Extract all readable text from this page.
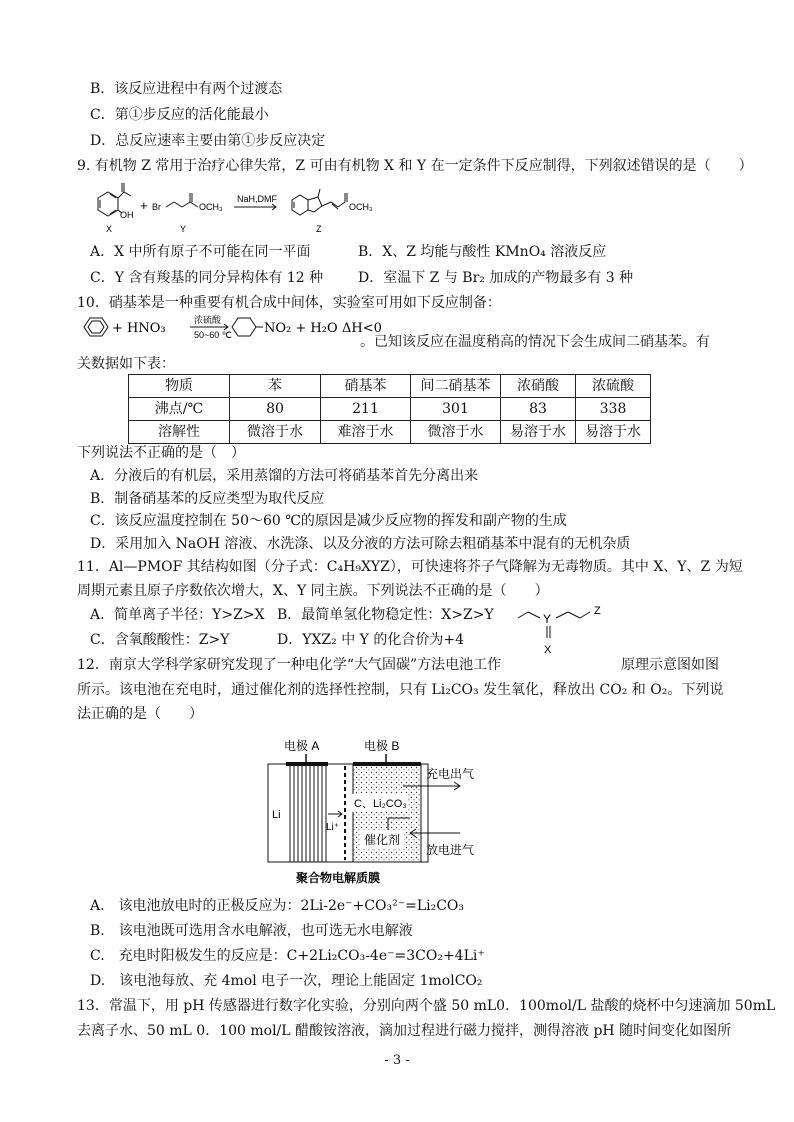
B．该反应进程中有两个过渡态
C．第①步反应的活化能最小
D．总反应速率主要由第①步反应决定
9. 有机物 Z 常用于治疗心律失常，Z 可由有机物 X 和 Y 在一定条件下反应制得，下列叙述错误的是（　　）
OH
+ Br	OCH₃
NaH,DMF
OCH₃
X	Y	Z
A．X 中所有原子不可能在同一平面	B．X、Z 均能与酸性 KMnO₄ 溶液反应
C．Y 含有羧基的同分异构体有 12 种 D．室温下 Z 与 Br₂ 加成的产物最多有 3 种
10．硝基苯是一种重要有机合成中间体，实验室可用如下反应制备：
+ HNO₃
浓硫酸
50~60 ℃ NO₂ + H₂O ΔH<0
。已知该反应在温度稍高的情况下会生成间二硝基苯。有
关数据如下表：
物质	苯	硝基苯	间二硝基苯	浓硝酸	浓硫酸
沸点/℃	80	211	301	83	338
溶解性	微溶于水	难溶于水	微溶于水	易溶于水	易溶于水
下列说法不正确的是（　）
A．分液后的有机层，采用蒸馏的方法可将硝基苯首先分离出来
B．制备硝基苯的反应类型为取代反应
C．该反应温度控制在 50～60 ℃的原因是减少反应物的挥发和副产物的生成
D．采用加入 NaOH 溶液、水洗涤、以及分液的方法可除去粗硝基苯中混有的无机杂质
11．Al—PMOF 其结构如图（分子式：C₄H₉XYZ），可快速将芥子气降解为无毒物质。其中 X、Y、Z 为短
周期元素且原子序数依次增大，X、Y 同主族。下列说法不正确的是（　　）
A．简单离子半径：Y>Z>X B．最简单氢化物稳定性：X>Z>Y
C．含氧酸酸性：Z>Y	D．YXZ₂ 中 Y 的化合价为+4
Y
Z
X
12．南京大学科学家研究发现了一种电化学“大气固碳”方法电池工作	原理示意图如图
所示。该电池在充电时，通过催化剂的选择性控制，只有 Li₂CO₃ 发生氧化，释放出 CO₂ 和 O₂。下列说
法正确的是（　　）
电极 A	电极 B
Li
Li⁺
C、Li₂CO₃
催化剂
充电出气
放电进气
聚合物电解质膜
A.　该电池放电时的正极反应为：2Li-2e⁻+CO₃²⁻=Li₂CO₃
B.　该电池既可选用含水电解液，也可选无水电解液
C.　充电时阳极发生的反应是：C+2Li₂CO₃-4e⁻=3CO₂+4Li⁺
D.　该电池每放、充 4mol 电子一次，理论上能固定 1molCO₂
13．常温下，用 pH 传感器进行数字化实验，分别向两个盛 50 mL0．100mol/L 盐酸的烧杯中匀速滴加 50mL
去离子水、50 mL 0．100 mol/L 醋酸铵溶液，滴加过程进行磁力搅拌，测得溶液 pH 随时间变化如图所
- 3 -
